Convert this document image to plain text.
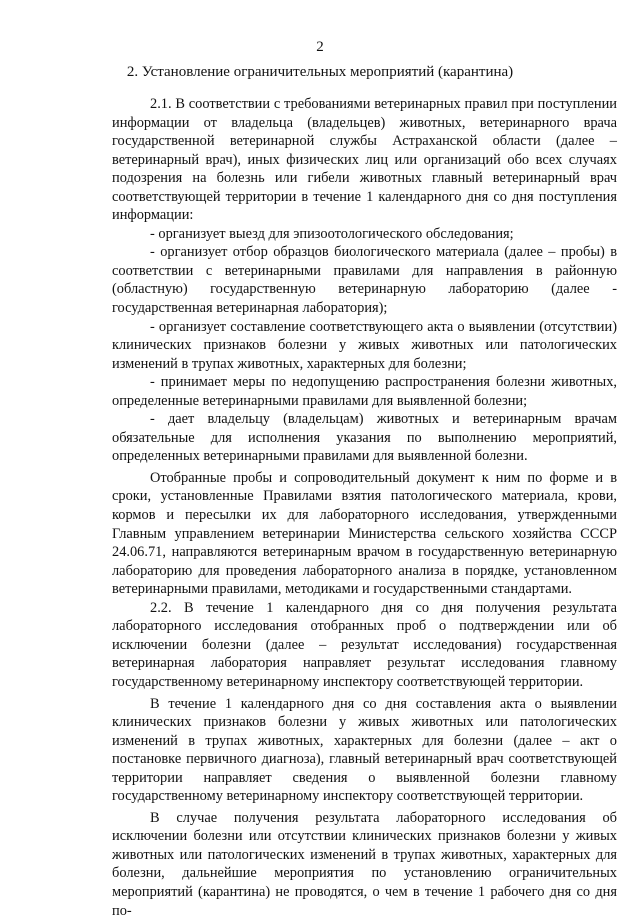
2
2. Установление ограничительных мероприятий (карантина)

2.1. В соответствии с требованиями ветеринарных правил при поступлении информации от владельца (владельцев) животных, ветеринарного врача государственной ветеринарной службы Астраханской области (далее – ветеринарный врач), иных физических лиц или организаций обо всех случаях подозрения на болезнь или гибели животных главный ветеринарный врач соответствующей территории в течение 1 календарного дня со дня поступления информации:

- организует выезд для эпизоотологического обследования;

- организует отбор образцов биологического материала (далее – пробы) в соответствии с ветеринарными правилами для направления в районную (областную) государственную ветеринарную лабораторию (далее - государственная ветеринарная лаборатория);

- организует составление соответствующего акта о выявлении (отсутствии) клинических признаков болезни у живых животных или патологических изменений в трупах животных, характерных для болезни;

- принимает меры по недопущению распространения болезни животных, определенные ветеринарными правилами для выявленной болезни;

- дает владельцу (владельцам) животных и ветеринарным врачам обязательные для исполнения указания по выполнению мероприятий, определенных ветеринарными правилами для выявленной болезни.

Отобранные пробы и сопроводительный документ к ним по форме и в сроки, установленные Правилами взятия патологического материала, крови, кормов и пересылки их для лабораторного исследования, утвержденными Главным управлением ветеринарии Министерства сельского хозяйства СССР 24.06.71, направляются ветеринарным врачом в государственную ветеринарную лабораторию для проведения лабораторного анализа в порядке, установленном ветеринарными правилами, методиками и государственными стандартами.

2.2. В течение 1 календарного дня со дня получения результата лабораторного исследования отобранных проб о подтверждении или об исключении болезни (далее – результат исследования) государственная ветеринарная лаборатория направляет результат исследования главному государственному ветеринарному инспектору соответствующей территории.

В течение 1 календарного дня со дня составления акта о выявлении клинических признаков болезни у живых животных или патологических изменений в трупах животных, характерных для болезни (далее – акт о постановке первичного диагноза), главный ветеринарный врач соответствующей территории направляет сведения о выявленной болезни главному государственному ветеринарному инспектору соответствующей территории.

В случае получения результата лабораторного исследования об исключении болезни или отсутствии клинических признаков болезни у живых животных или патологических изменений в трупах животных, характерных для болезни, дальнейшие мероприятия по установлению ограничительных мероприятий (карантина) не проводятся, о чем в течение 1 рабочего дня со дня по-
